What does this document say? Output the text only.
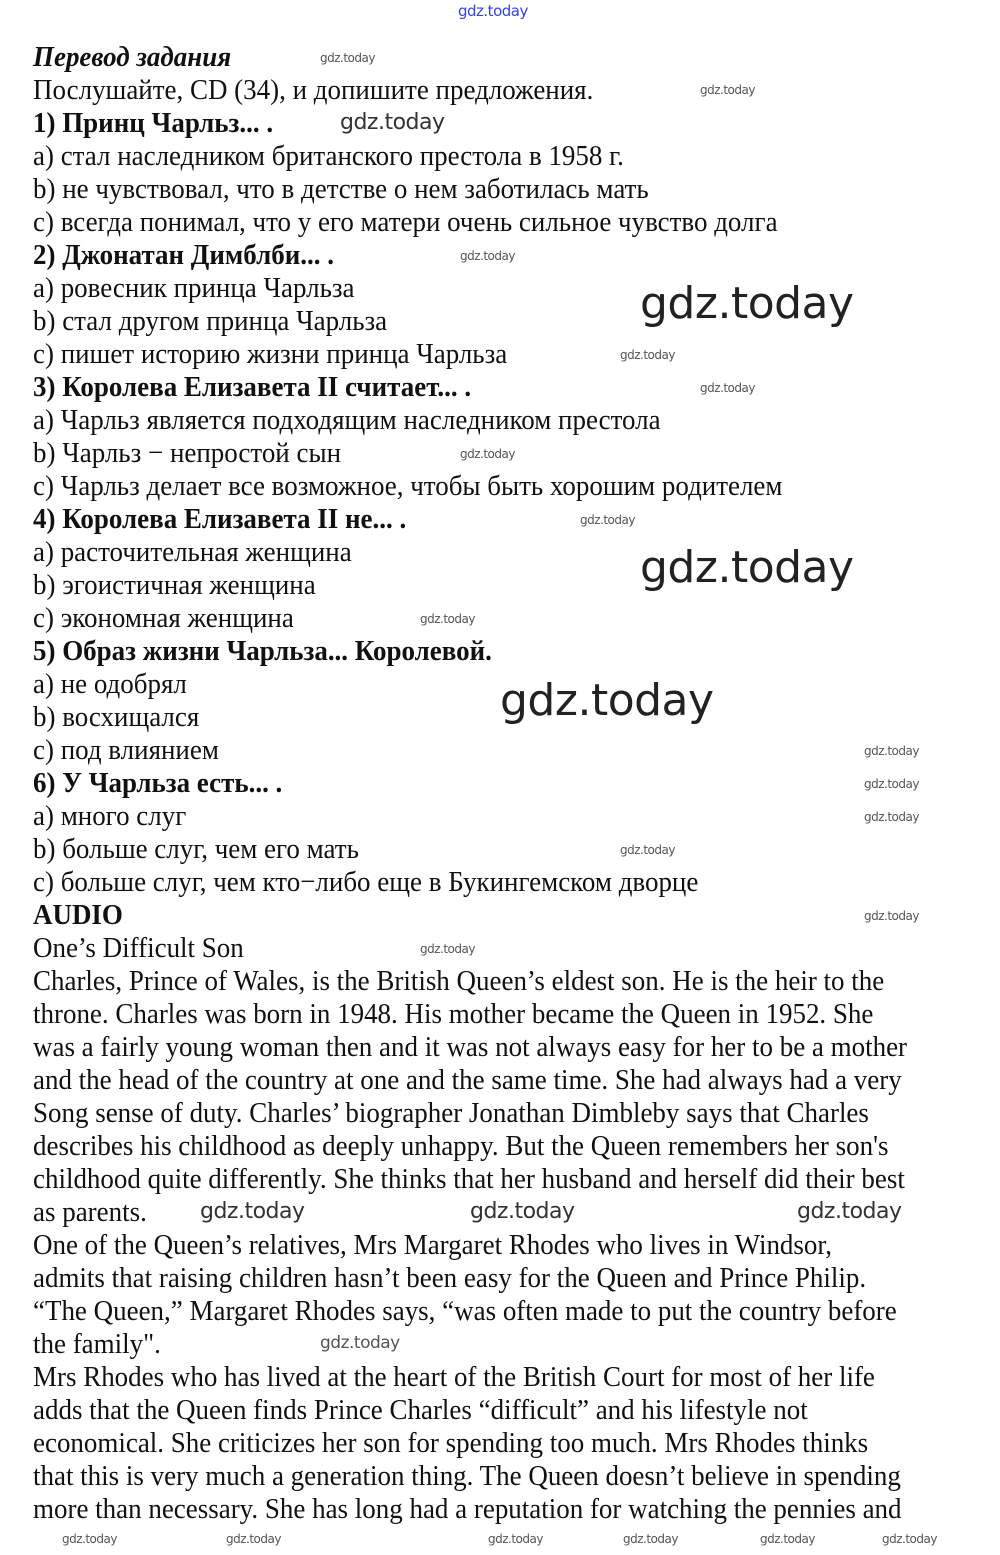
Перевод задания
Послушайте, CD (34), и допишите предложения.
1) Принц Чарльз... .
a) стал наследником британского престола в 1958 г.
b) не чувствовал, что в детстве о нем заботилась мать
c) всегда понимал, что у его матери очень сильное чувство долга
2) Джонатан Димблби... .
a) ровесник принца Чарльза
b) стал другом принца Чарльза
c) пишет историю жизни принца Чарльза
3) Королева Елизавета II считает... .
a) Чарльз является подходящим наследником престола
b) Чарльз − непростой сын
c) Чарльз делает все возможное, чтобы быть хорошим родителем
4) Королева Елизавета II не... .
a) расточительная женщина
b) эгоистичная женщина
c) экономная женщина
5) Образ жизни Чарльза... Королевой.
a) не одобрял
b) восхищался
c) под влиянием
6) У Чарльза есть... .
a) много слуг
b) больше слуг, чем его мать
c) больше слуг, чем кто−либо еще в Букингемском дворце
AUDIO
One’s Difficult Son
Charles, Prince of Wales, is the British Queen’s eldest son. He is the heir to the
throne. Charles was born in 1948. His mother became the Queen in 1952. She
was a fairly young woman then and it was not always easy for her to be a mother
and the head of the country at one and the same time. She had always had a very
Song sense of duty. Charles’ biographer Jonathan Dimbleby says that Charles
describes his childhood as deeply unhappy. But the Queen remembers her son's
childhood quite differently. She thinks that her husband and herself did their best
as parents.
One of the Queen’s relatives, Mrs Margaret Rhodes who lives in Windsor,
admits that raising children hasn’t been easy for the Queen and Prince Philip.
“The Queen,” Margaret Rhodes says, “was often made to put the country before
the family".
Mrs Rhodes who has lived at the heart of the British Court for most of her life
adds that the Queen finds Prince Charles “difficult” and his lifestyle not
economical. She criticizes her son for spending too much. Mrs Rhodes thinks
that this is very much a generation thing. The Queen doesn’t believe in spending
more than necessary. She has long had a reputation for watching the pennies and
gdz.today
gdz.today
gdz.today
gdz.today
gdz.today
gdz.today
gdz.today
gdz.today
gdz.today
gdz.today
gdz.today
gdz.today
gdz.today
gdz.today
gdz.today
gdz.today
gdz.today
gdz.today
gdz.today
gdz.today	gdz.today	gdz.today
gdz.today
gdz.today	gdz.today	gdz.today	gdz.today	gdz.today	gdz.today
